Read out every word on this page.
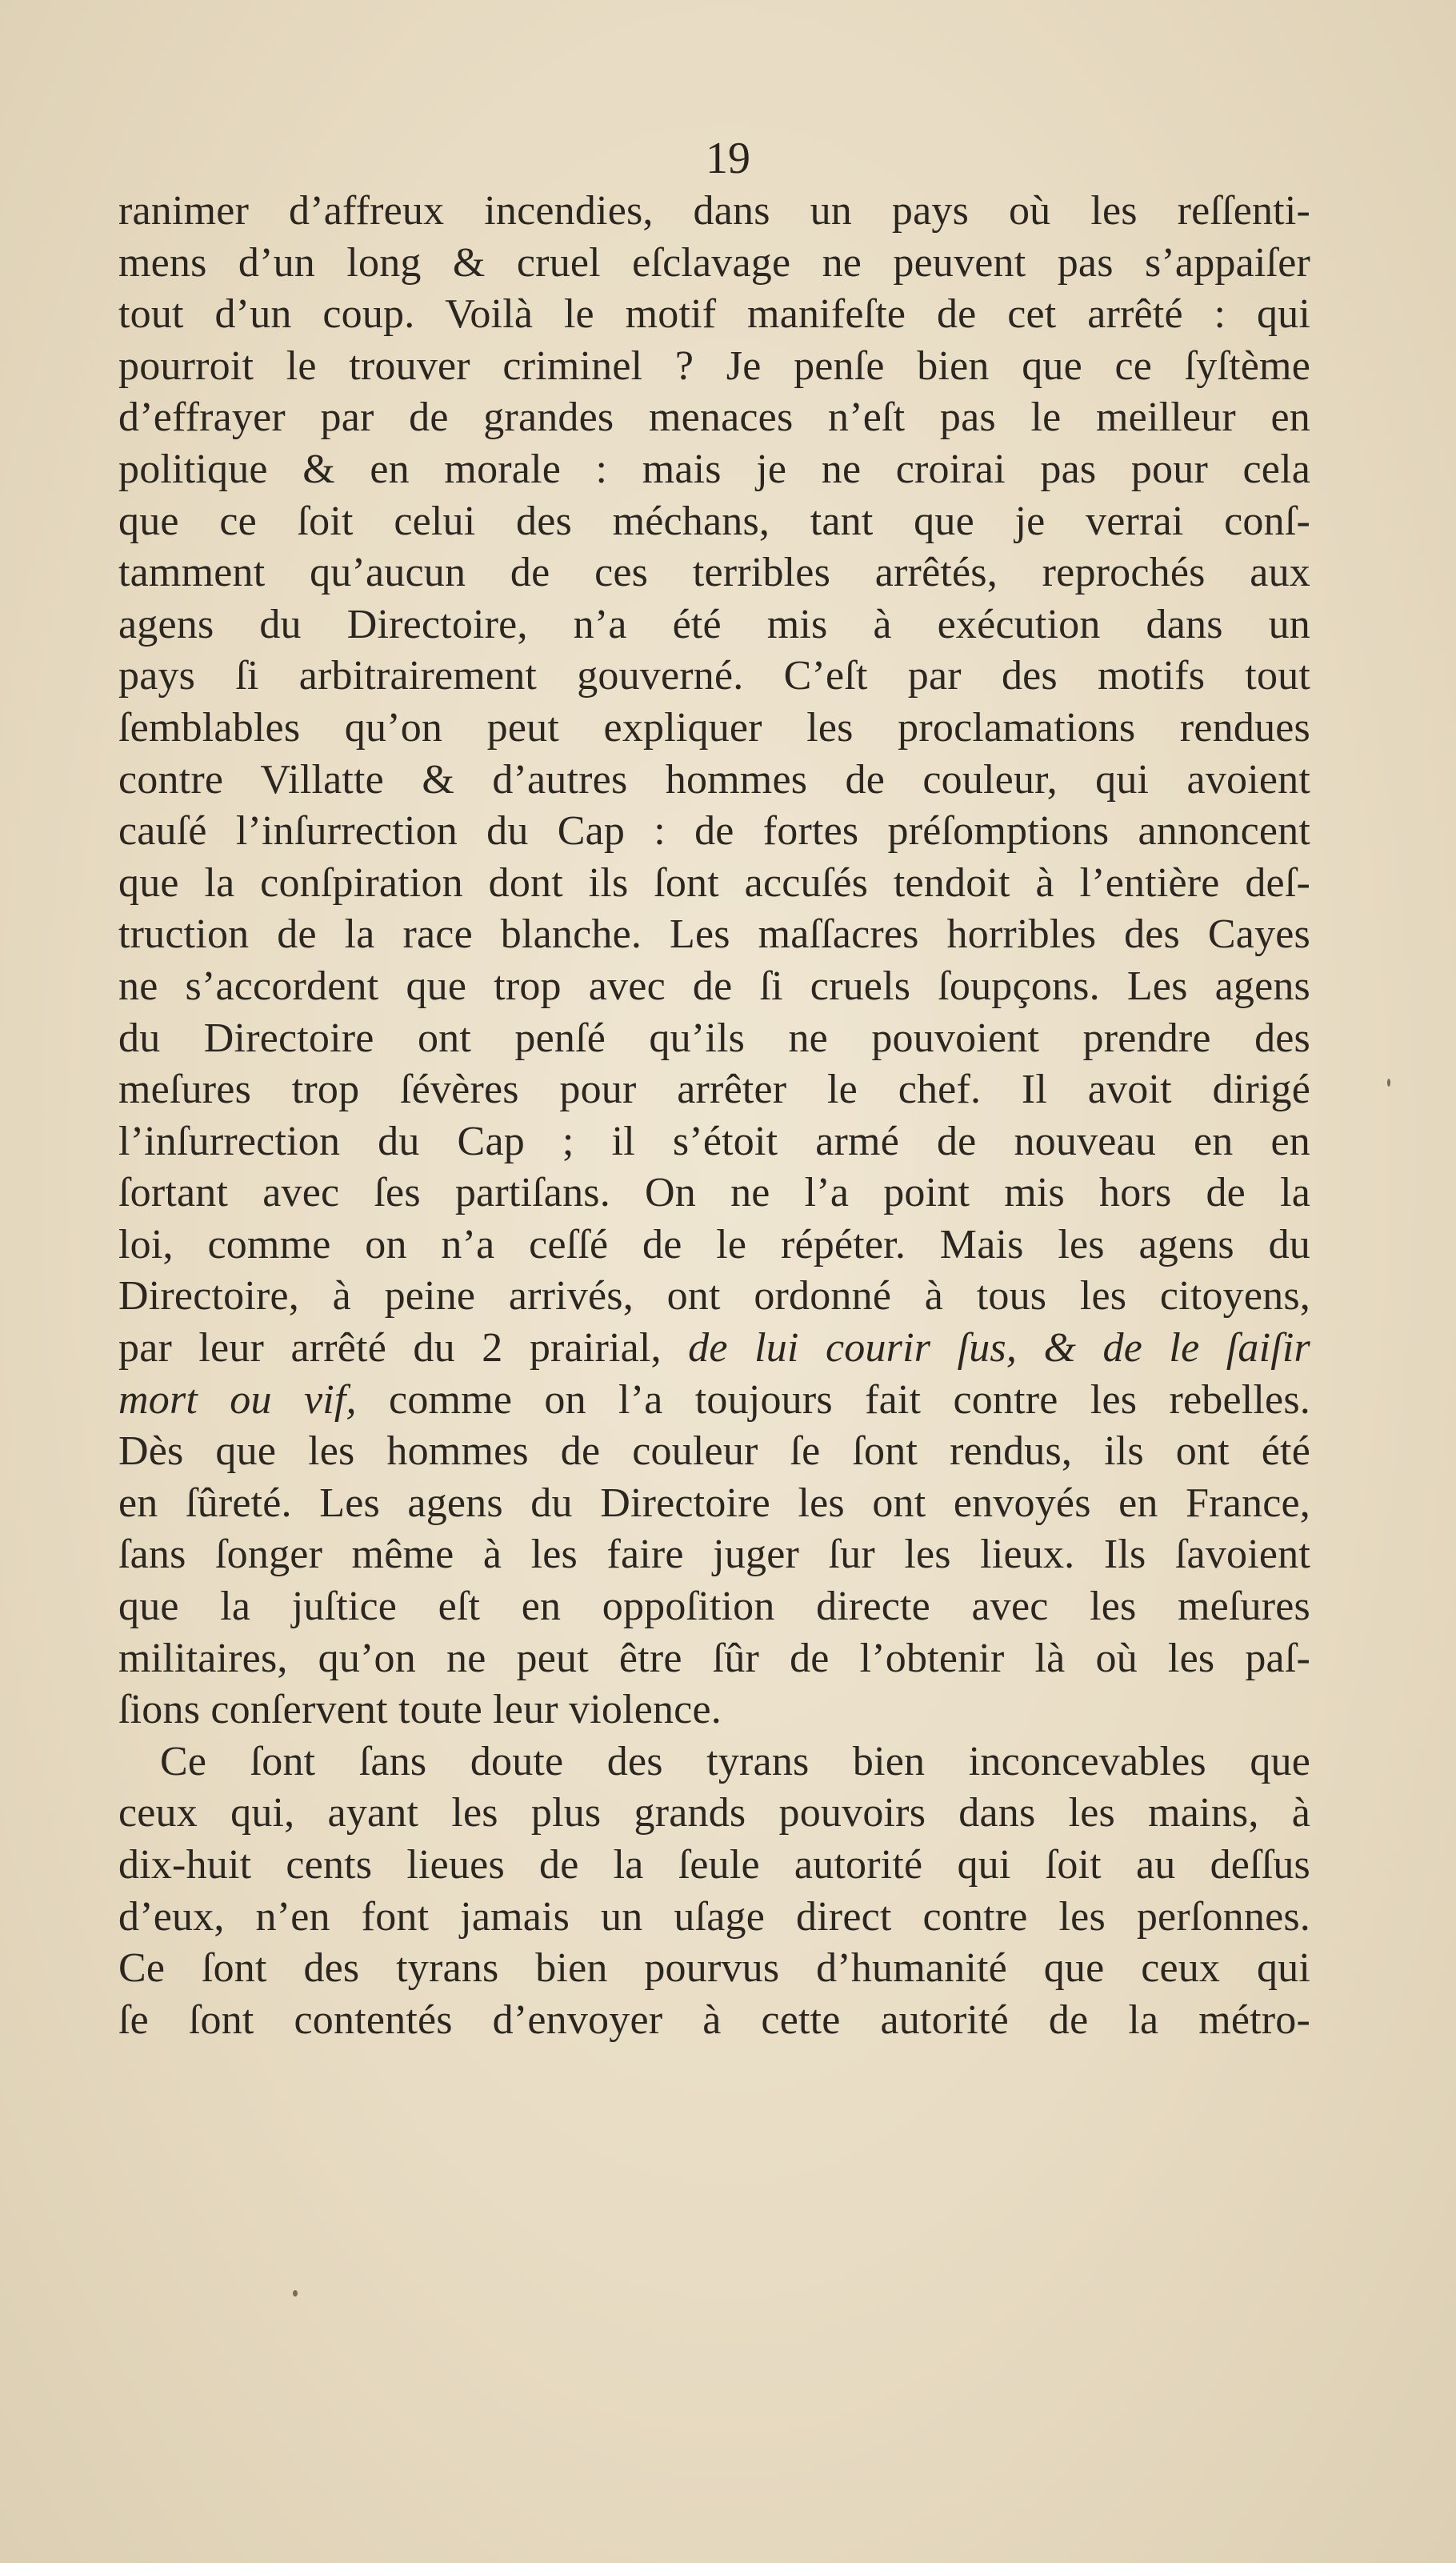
19
ranimer d’affreux incendies, dans un pays où les reſſenti-
mens d’un long & cruel eſclavage ne peuvent pas s’appaiſer
tout d’un coup. Voilà le motif manifeſte de cet arrêté : qui
pourroit le trouver criminel ? Je penſe bien que ce ſyſtème
d’effrayer par de grandes menaces n’eſt pas le meilleur en
politique & en morale : mais je ne croirai pas pour cela
que ce ſoit celui des méchans, tant que je verrai conſ-
tamment qu’aucun de ces terribles arrêtés, reprochés aux
agens du Directoire, n’a été mis à exécution dans un
pays ſi arbitrairement gouverné. C’eſt par des motifs tout
ſemblables qu’on peut expliquer les proclamations rendues
contre Villatte & d’autres hommes de couleur, qui avoient
cauſé l’inſurrection du Cap : de fortes préſomptions annoncent
que la conſpiration dont ils ſont accuſés tendoit à l’entière deſ-
truction de la race blanche. Les maſſacres horribles des Cayes
ne s’accordent que trop avec de ſi cruels ſoupçons. Les agens
du Directoire ont penſé qu’ils ne pouvoient prendre des
meſures trop ſévères pour arrêter le chef. Il avoit dirigé
l’inſurrection du Cap ; il s’étoit armé de nouveau en en
ſortant avec ſes partiſans. On ne l’a point mis hors de la
loi, comme on n’a ceſſé de le répéter. Mais les agens du
Directoire, à peine arrivés, ont ordonné à tous les citoyens,
par leur arrêté du 2 prairial, de lui courir ſus, & de le ſaiſir
mort ou vif, comme on l’a toujours fait contre les rebelles.
Dès que les hommes de couleur ſe ſont rendus, ils ont été
en ſûreté. Les agens du Directoire les ont envoyés en France,
ſans ſonger même à les faire juger ſur les lieux. Ils ſavoient
que la juſtice eſt en oppoſition directe avec les meſures
militaires, qu’on ne peut être ſûr de l’obtenir là où les paſ-
ſions conſervent toute leur violence.
Ce ſont ſans doute des tyrans bien inconcevables que
ceux qui, ayant les plus grands pouvoirs dans les mains, à
dix-huit cents lieues de la ſeule autorité qui ſoit au deſſus
d’eux, n’en font jamais un uſage direct contre les perſonnes.
Ce ſont des tyrans bien pourvus d’humanité que ceux qui
ſe ſont contentés d’envoyer à cette autorité de la métro-
